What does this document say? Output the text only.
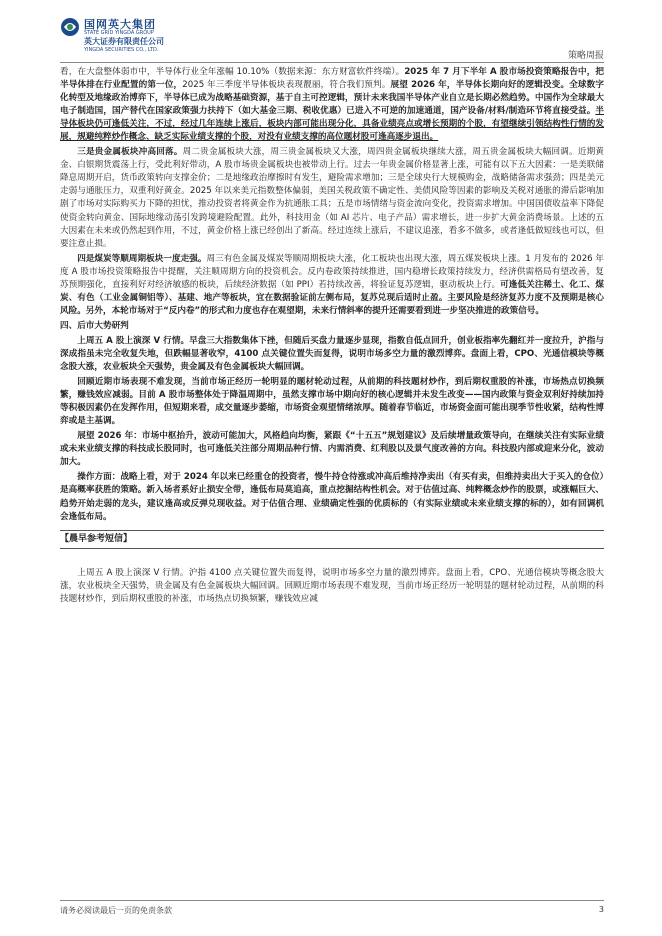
国网英大集团
STATE GRID YINGDA GROUP
英大证券有限责任公司
YINGDA SECURITIES CO., LTD.
策略周报

看，在大盘整体弱市中，半导体行业全年涨幅 10.10%（数据来源：东方财富软件终端）。2025 年 7 月下半年 A 股市场投资策略报告中，把半导体排在行业配置的第一位，2025 年三季度半导体板块表现靓丽，符合我们预判。展望 2026 年，半导体长期向好的逻辑没变。全球数字化转型及地缘政治博弈下，半导体已成为战略基础资源，基于自主可控逻辑，预计未来我国半导体产业自立是长期必然趋势。中国作为全球最大电子制造国，国产替代在国家政策强力扶持下（如大基金三期、税收优惠）已进入不可逆的加速通道，国产设备/材料/制造环节将直接受益。半导体板块仍可逢低关注，不过，经过几年连续上涨后，板块内部可能出现分化，具备业绩亮点或增长预期的个股，有望继续引领结构性行情的发展，规避纯粹炒作概念、缺乏实际业绩支撑的个股，对没有业绩支撑的高位题材股可逢高逐步退出。

三是贵金属板块冲高回落。周二贵金属板块大涨，周三贵金属板块又大涨，周四贵金属板块继续大涨，周五贵金属板块大幅回调。近期黄金、白银期货震荡上行，受此利好带动，A 股市场贵金属板块也被带动上行。过去一年贵金属价格显著上涨，可能有以下五大因素：一是美联储降息周期开启，货币政策转向支撑金价；二是地缘政治摩擦时有发生，避险需求增加；三是全球央行大规模购金，战略储备需求强劲；四是美元走弱与通胀压力，双重利好黄金。2025 年以来美元指数整体偏弱，美国关税政策不确定性、美债风险等因素的影响及关税对通胀的滞后影响加剧了市场对实际购买力下降的担忧，推动投资者将黄金作为抗通胀工具；五是市场情绪与资金流向变化，投资需求增加。中国国债收益率下降促使资金转向黄金、国际地缘动荡引发跨境避险配置。此外，科技用金（如 AI 芯片、电子产品）需求增长，进一步扩大黄金消费场景。上述的五大因素在未来或仍然起到作用，不过，黄金价格上涨已经创出了新高。经过连续上涨后，不建议追涨，看多不做多，或者逢低做短线也可以，但要注意止损。

四是煤炭等顺周期板块一度走强。周三有色金属及煤炭等顺周期板块大涨，化工板块也出现大涨，周五煤炭板块上涨。1 月发布的 2026 年度 A 股市场投资策略报告中提醒，关注顺周期方向的投资机会。反内卷政策持续推进，国内稳增长政策持续发力，经济供需格局有望改善，复苏预期强化，直接利好对经济敏感的板块，后续经济数据（如 PPI）若持续改善，将验证复苏逻辑，驱动板块上行。可逢低关注稀土、化工、煤炭、有色（工业金属铜铝等）、基建、地产等板块，宜在数据验证前左侧布局，复苏兑现后适时止盈。主要风险是经济复苏力度不及预期是核心风险。另外，本轮市场对于“反内卷”的形式和力度也存在观望期，未来行情斜率的提升还需要看到进一步坚决推进的政策信号。

四、后市大势研判

上周五 A 股上演深 V 行情。早盘三大指数集体下挫，但随后买盘力量逐步显现，指数自低点回升，创业板指率先翻红并一度拉升，沪指与深成指虽未完全收复失地，但跌幅显著收窄，4100 点关键位置失而复得，说明市场多空力量的激烈博弈。盘面上看，CPO、光通信模块等概念股大涨，农业板块全天强势，贵金属及有色金属板块大幅回调。

回顾近期市场表现不难发现，当前市场正经历一轮明显的题材轮动过程，从前期的科技题材炒作，到后期权重股的补涨，市场热点切换频繁，赚钱效应减弱。目前 A 股市场整体处于降温周期中，虽然支撑市场中期向好的核心逻辑并未发生改变——国内政策与资金双利好持续加持等积极因素仍在发挥作用，但短期来看，成交量逐步萎缩，市场资金观望情绪浓厚。随着春节临近，市场资金面可能出现季节性收紧，结构性博弈或是主基调。

展望 2026 年：市场中枢抬升，波动可能加大，风格趋向均衡，紧跟《“十五五”规划建议》及后续增量政策导向，在继续关注有实际业绩或未来业绩支撑的科技成长股同时，也可逢低关注部分周期品种行情、内需消费、红利股以及景气度改善的方向。科技股内部或迎来分化，波动加大。

操作方面：战略上看，对于 2024 年以来已经重仓的投资者，慢牛持仓待涨或冲高后维持净卖出（有买有卖，但维持卖出大于买入的仓位）是高概率获胜的策略。新入场者系好止损安全带，逢低布局莫追高，重点挖掘结构性机会。对于估值过高、纯粹概念炒作的股票，或涨幅巨大、趋势开始走弱的龙头，建议逢高或反弹兑现收益。对于估值合理、业绩确定性强的优质标的（有实际业绩或未来业绩支撑的标的），如有回调机会逢低布局。

【晨早参考短信】

上周五 A 股上演深 V 行情。沪指 4100 点关键位置失而复得，说明市场多空力量的激烈博弈。盘面上看，CPO、光通信模块等概念股大涨，农业板块全天强势，贵金属及有色金属板块大幅回调。回顾近期市场表现不难发现，当前市场正经历一轮明显的题材轮动过程，从前期的科技题材炒作，到后期权重股的补涨，市场热点切换频繁，赚钱效应减

请务必阅读最后一页的免责条款	3
